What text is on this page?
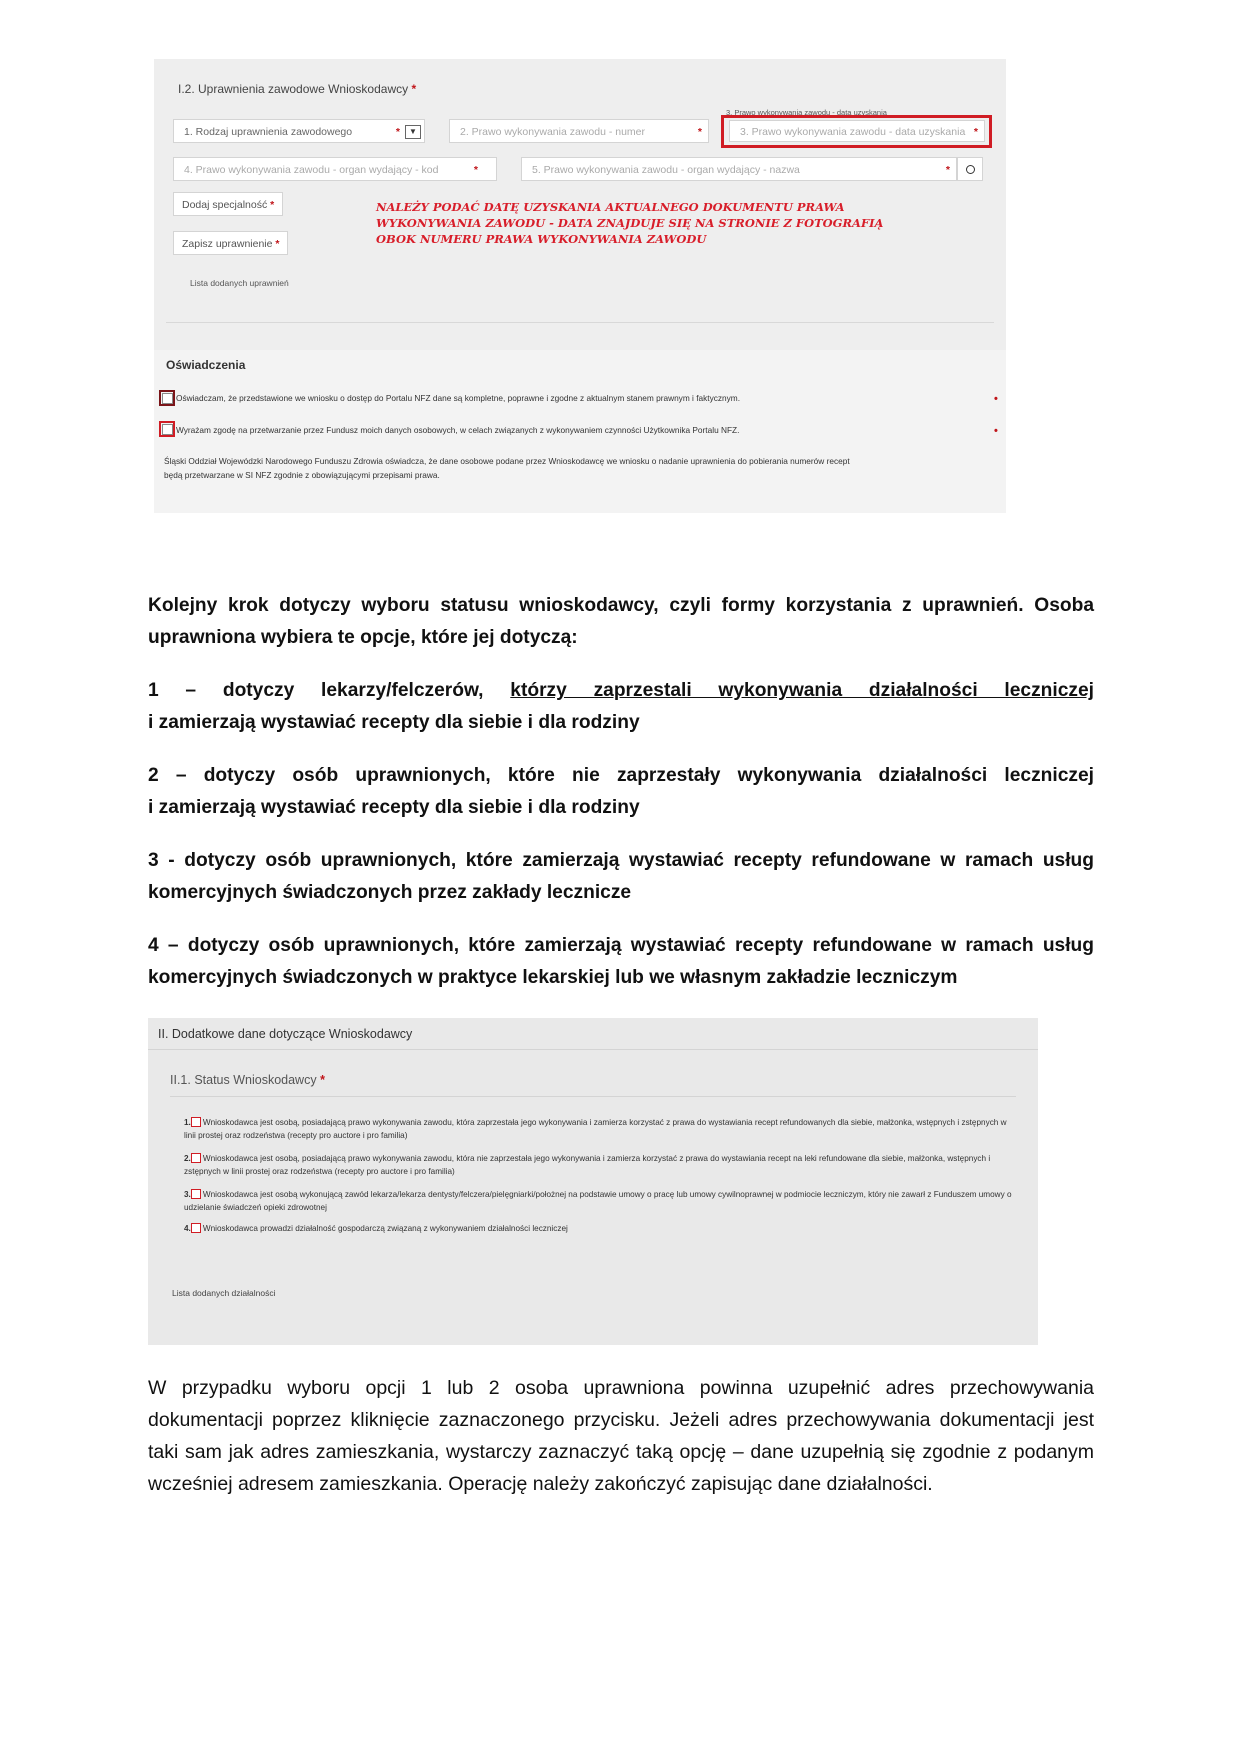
I.2. Uprawnienia zawodowe Wnioskodawcy *
1. Rodzaj uprawnienia zawodowego	*	▼	2. Prawo wykonywania zawodu - numer	*
3. Prawo wykonywania zawodu - data uzyskania
3. Prawo wykonywania zawodu - data uzyskania *
4. Prawo wykonywania zawodu - organ wydający - kod	*	5. Prawo wykonywania zawodu - organ wydający - nazwa	*
Dodaj specjalność *
Zapisz uprawnienie *
Lista dodanych uprawnień
NALEŻY PODAĆ DATĘ UZYSKANIA AKTUALNEGO DOKUMENTU PRAWA
WYKONYWANIA ZAWODU - DATA ZNAJDUJE SIĘ NA STRONIE Z FOTOGRAFIĄ
OBOK NUMERU PRAWA WYKONYWANIA ZAWODU
Oświadczenia
Oświadczam, że przedstawione we wniosku o dostęp do Portalu NFZ dane są kompletne, poprawne i zgodne z aktualnym stanem prawnym i faktycznym.	•
Wyrażam zgodę na przetwarzanie przez Fundusz moich danych osobowych, w celach związanych z wykonywaniem czynności Użytkownika Portalu NFZ.	•
Śląski Oddział Wojewódzki Narodowego Funduszu Zdrowia oświadcza, że dane osobowe podane przez Wnioskodawcę we wniosku o nadanie uprawnienia do pobierania numerów recept
będą przetwarzane w SI NFZ zgodnie z obowiązującymi przepisami prawa.
Kolejny krok dotyczy wyboru statusu wnioskodawcy, czyli formy korzystania z uprawnień. Osoba uprawniona wybiera te opcje, które jej dotyczą:
1 – dotyczy lekarzy/felczerów, którzy zaprzestali wykonywania działalności leczniczej
i zamierzają wystawiać recepty dla siebie i dla rodziny
2 – dotyczy osób uprawnionych, które nie zaprzestały wykonywania działalności leczniczej
i zamierzają wystawiać recepty dla siebie i dla rodziny
3 - dotyczy osób uprawnionych, które zamierzają wystawiać recepty refundowane w ramach usług komercyjnych świadczonych przez zakłady lecznicze
4 – dotyczy osób uprawnionych, które zamierzają wystawiać recepty refundowane w ramach usług komercyjnych świadczonych w praktyce lekarskiej lub we własnym zakładzie leczniczym
II. Dodatkowe dane dotyczące Wnioskodawcy
II.1. Status Wnioskodawcy *
1. Wnioskodawca jest osobą, posiadającą prawo wykonywania zawodu, która zaprzestała jego wykonywania i zamierza korzystać z prawa do wystawiania recept refundowanych dla siebie, małżonka, wstępnych i zstępnych w linii prostej oraz rodzeństwa (recepty pro auctore i pro familia)
2. Wnioskodawca jest osobą, posiadającą prawo wykonywania zawodu, która nie zaprzestała jego wykonywania i zamierza korzystać z prawa do wystawiania recept na leki refundowane dla siebie, małżonka, wstępnych i zstępnych w linii prostej oraz rodzeństwa (recepty pro auctore i pro familia)
3. Wnioskodawca jest osobą wykonującą zawód lekarza/lekarza dentysty/felczera/pielęgniarki/położnej na podstawie umowy o pracę lub umowy cywilnoprawnej w podmiocie leczniczym, który nie zawarł z Funduszem umowy o udzielanie świadczeń opieki zdrowotnej
4. Wnioskodawca prowadzi działalność gospodarczą związaną z wykonywaniem działalności leczniczej
Lista dodanych działalności
W przypadku wyboru opcji 1 lub 2 osoba uprawniona powinna uzupełnić adres przechowywania dokumentacji poprzez kliknięcie zaznaczonego przycisku. Jeżeli adres przechowywania dokumentacji jest taki sam jak adres zamieszkania, wystarczy zaznaczyć taką opcję – dane uzupełnią się zgodnie z podanym wcześniej adresem zamieszkania. Operację należy zakończyć zapisując dane działalności.
